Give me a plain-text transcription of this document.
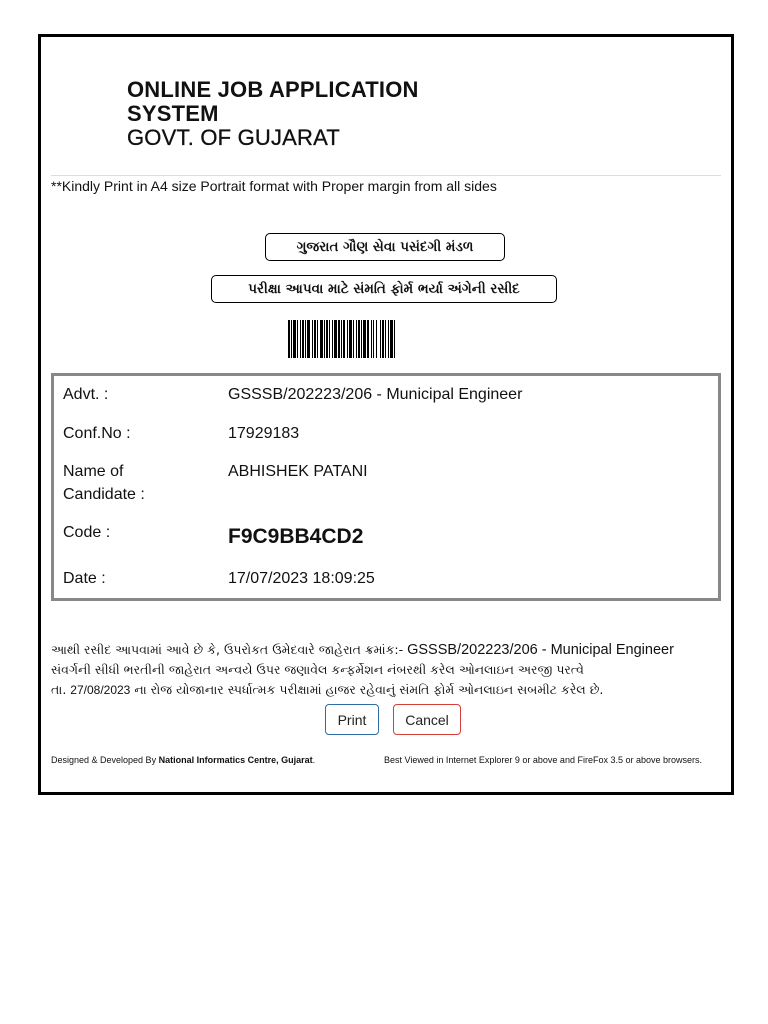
ONLINE JOB APPLICATION
SYSTEM
GOVT. OF GUJARAT
**Kindly Print in A4 size Portrait format with Proper margin from all sides
ગુજરાત ગૌણ સેવા પસંદગી મંડળ
પરીક્ષા આપવા માટે સંમતિ ફોર્મ ભર્યા અંગેની રસીદ
Advt. :	GSSSB/202223/206 - Municipal Engineer
Conf.No :	17929183
Name of
Candidate :
ABHISHEK PATANI
Code :	F9C9BB4CD2
Date :	17/07/2023 18:09:25
આથી રસીદ આપવામાં આવે છે કે, ઉપરોકત ઉમેદવારે જાહેરાત ક્રમાંક:- GSSSB/202223/206 - Municipal Engineer
સંવર્ગની સીધી ભરતીની જાહેરાત અન્વયે ઉપર જણાવેલ કન્ફર્મેશન નંબરથી કરેલ ઓનલાઇન અરજી પરત્વે
તા. 27/08/2023 ના રોજ યોજાનાર સ્પર્ધાત્મક પરીક્ષામાં હાજર રહેવાનું સંમતિ ફોર્મ ઓનલાઇન સબમીટ કરેલ છે.
Print	Cancel
Designed & Developed By National Informatics Centre, Gujarat.	Best Viewed in Internet Explorer 9 or above and FireFox 3.5 or above browsers.
